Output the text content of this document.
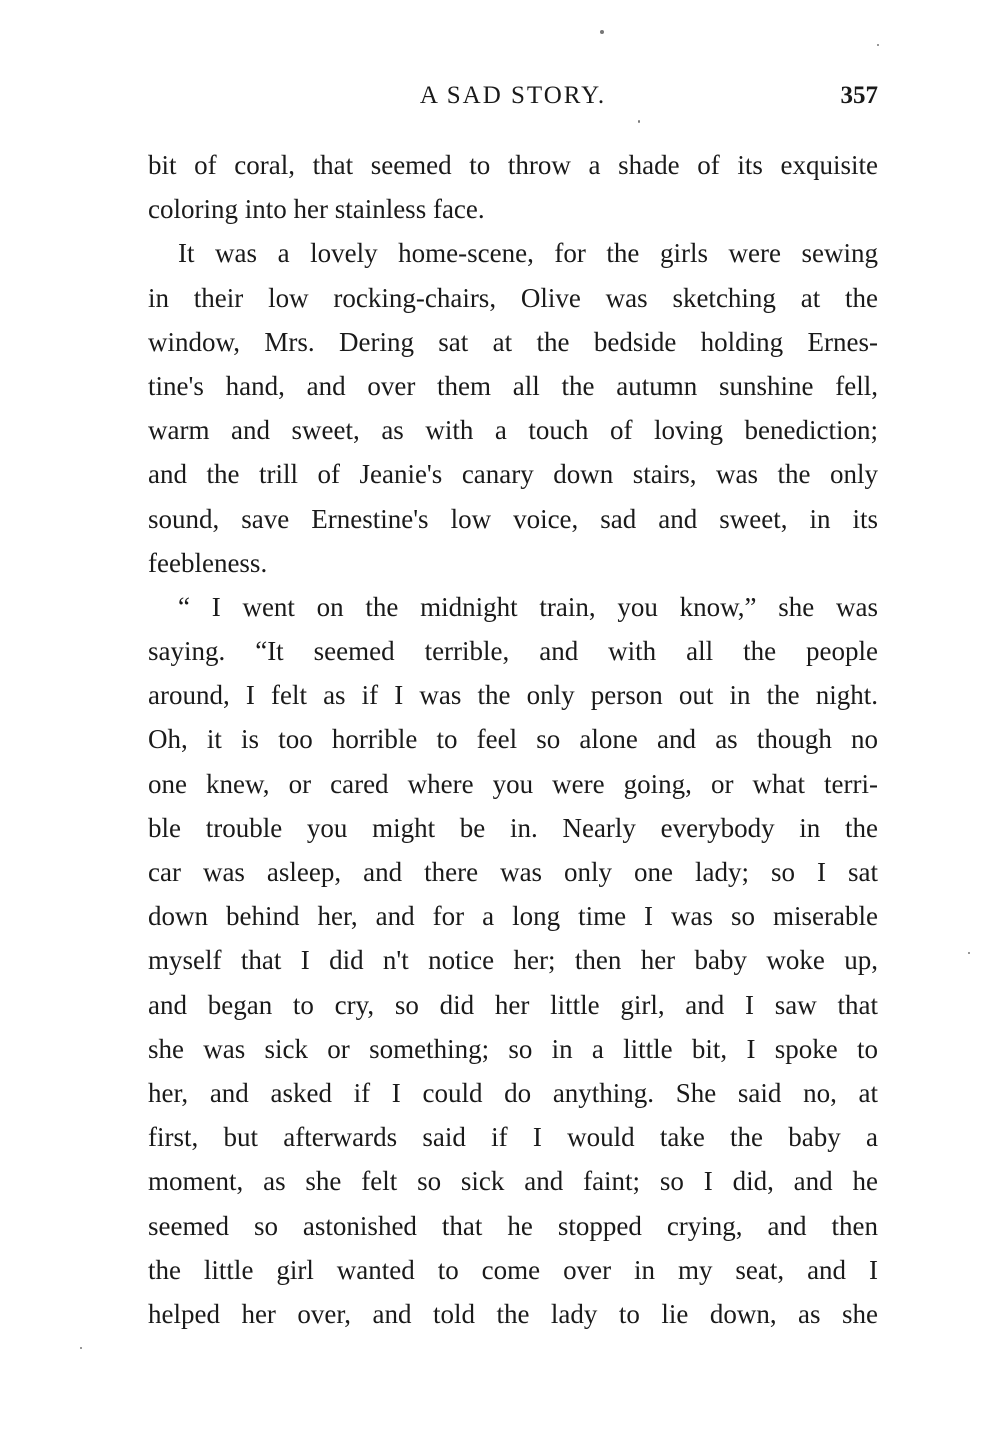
A SAD STORY.	357
bit of coral, that seemed to throw a shade of its exquisite
coloring into her stainless face.
It was a lovely home-scene, for the girls were sewing
in their low rocking-chairs, Olive was sketching at the
window, Mrs. Dering sat at the bedside holding Ernes-
tine's hand, and over them all the autumn sunshine fell,
warm and sweet, as with a touch of loving benediction;
and the trill of Jeanie's canary down stairs, was the only
sound, save Ernestine's low voice, sad and sweet, in its
feebleness.
“ I went on the midnight train, you know,” she was
saying. “It seemed terrible, and with all the people
around, I felt as if I was the only person out in the night.
Oh, it is too horrible to feel so alone and as though no
one knew, or cared where you were going, or what terri-
ble trouble you might be in. Nearly everybody in the
car was asleep, and there was only one lady; so I sat
down behind her, and for a long time I was so miserable
myself that I did n't notice her; then her baby woke up,
and began to cry, so did her little girl, and I saw that
she was sick or something; so in a little bit, I spoke to
her, and asked if I could do anything. She said no, at
first, but afterwards said if I would take the baby a
moment, as she felt so sick and faint; so I did, and he
seemed so astonished that he stopped crying, and then
the little girl wanted to come over in my seat, and I
helped her over, and told the lady to lie down, as she
